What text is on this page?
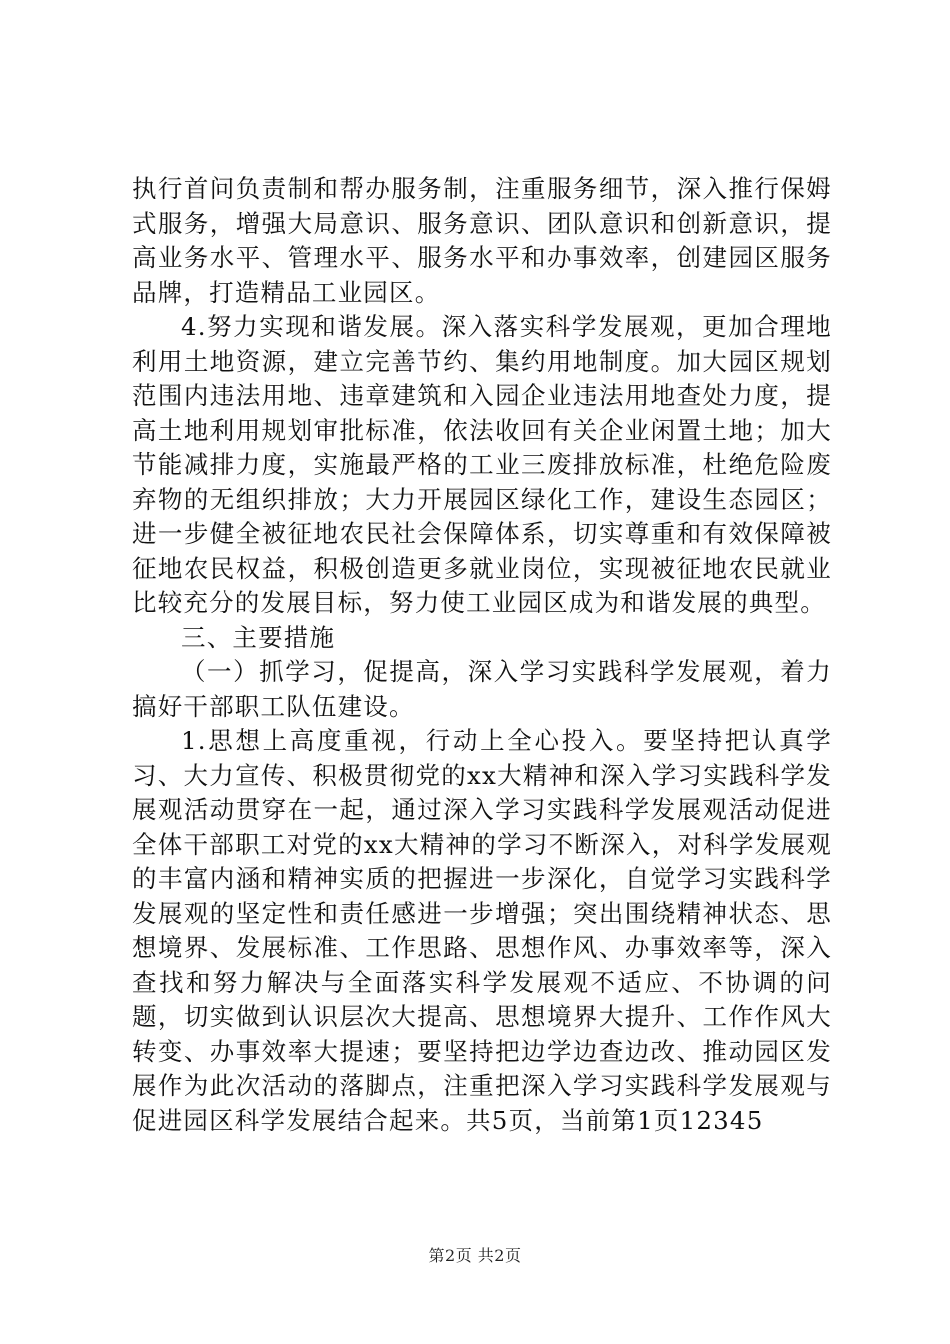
执行首问负责制和帮办服务制，注重服务细节，深入推行保姆式服务，增强大局意识、服务意识、团队意识和创新意识，提高业务水平、管理水平、服务水平和办事效率，创建园区服务品牌，打造精品工业园区。

4.努力实现和谐发展。深入落实科学发展观，更加合理地利用土地资源，建立完善节约、集约用地制度。加大园区规划范围内违法用地、违章建筑和入园企业违法用地查处力度，提高土地利用规划审批标准，依法收回有关企业闲置土地；加大节能减排力度，实施最严格的工业三废排放标准，杜绝危险废弃物的无组织排放；大力开展园区绿化工作，建设生态园区；进一步健全被征地农民社会保障体系，切实尊重和有效保障被征地农民权益，积极创造更多就业岗位，实现被征地农民就业比较充分的发展目标，努力使工业园区成为和谐发展的典型。

三、主要措施

（一）抓学习，促提高，深入学习实践科学发展观，着力搞好干部职工队伍建设。

1.思想上高度重视，行动上全心投入。要坚持把认真学习、大力宣传、积极贯彻党的xx大精神和深入学习实践科学发展观活动贯穿在一起，通过深入学习实践科学发展观活动促进全体干部职工对党的xx大精神的学习不断深入，对科学发展观的丰富内涵和精神实质的把握进一步深化，自觉学习实践科学发展观的坚定性和责任感进一步增强；突出围绕精神状态、思想境界、发展标准、工作思路、思想作风、办事效率等，深入查找和努力解决与全面落实科学发展观不适应、不协调的问题，切实做到认识层次大提高、思想境界大提升、工作作风大转变、办事效率大提速；要坚持把边学边查边改、推动园区发展作为此次活动的落脚点，注重把深入学习实践科学发展观与促进园区科学发展结合起来。共5页，当前第1页12345

第2页 共2页
